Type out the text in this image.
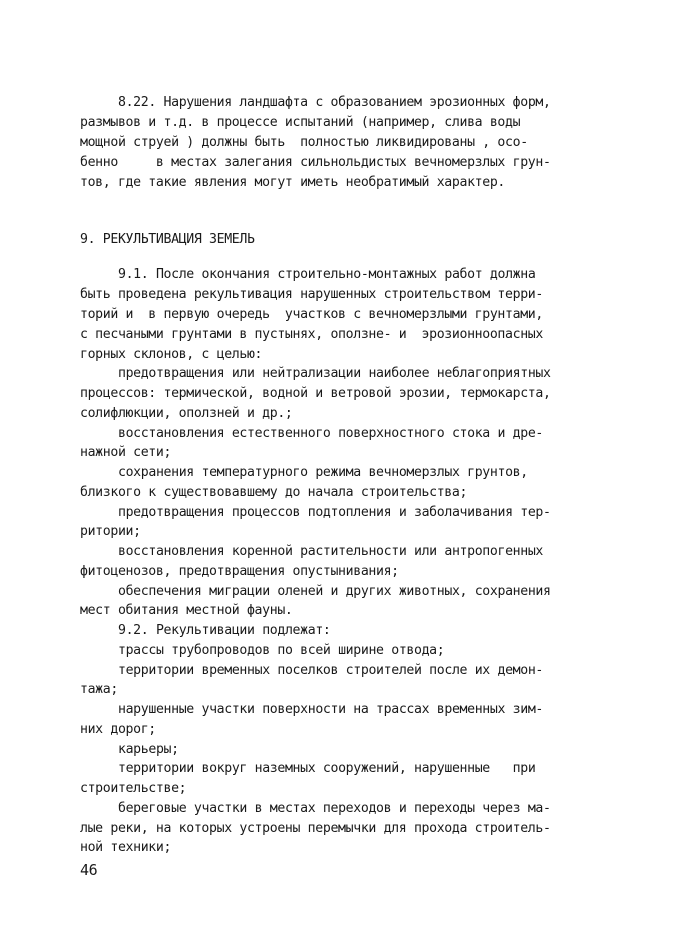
8.22. Нарушения ландшафта с образованием эрозионных форм,
размывов и т.д. в процессе испытаний (например, слива воды
мощной струей ) должны быть  полностью ликвидированы , осо-
бенно     в местах залегания сильнольдистых вечномерзлых грун-
тов, где такие явления могут иметь необратимый характер.
9. РЕКУЛЬТИВАЦИЯ ЗЕМЕЛЬ
9.1. После окончания строительно-монтажных работ должна
быть проведена рекультивация нарушенных строительством терри-
торий и  в первую очередь  участков с вечномерзлыми грунтами,
с песчаными грунтами в пустынях, оползне- и  эрозионноопасных
горных склонов, с целью:
предотвращения или нейтрализации наиболее неблагоприятных
процессов: термической, водной и ветровой эрозии, термокарста,
солифлюкции, оползней и др.;
восстановления естественного поверхностного стока и дре-
нажной сети;
сохранения температурного режима вечномерзлых грунтов,
близкого к существовавшему до начала строительства;
предотвращения процессов подтопления и заболачивания тер-
ритории;
восстановления коренной растительности или антропогенных
фитоценозов, предотвращения опустынивания;
обеспечения миграции оленей и других животных, сохранения
мест обитания местной фауны.
9.2. Рекультивации подлежат:
трассы трубопроводов по всей ширине отвода;
территории временных поселков строителей после их демон-
тажа;
нарушенные участки поверхности на трассах временных зим-
них дорог;
карьеры;
территории вокруг наземных сооружений, нарушенные   при
строительстве;
береговые участки в местах переходов и переходы через ма-
лые реки, на которых устроены перемычки для прохода строитель-
ной техники;
46
